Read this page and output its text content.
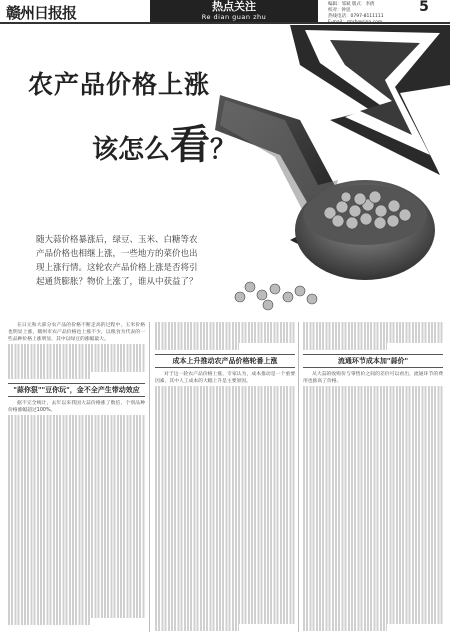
赣州日报报	热点关注
Re dian guan zhu
编辑：邹斌 版式：李倩
校对：钟思
热线电话：0797-8111111
5
农产品价格上涨
该怎么看？
随大蒜价格暴涨后，绿豆、玉米、白糖等农产品价格也相继上涨，一些地方的菜价也出现上涨行情。这轮农产品价格上涨是否将引起通货膨胀？物价上涨了，谁从中获益了？

在日元和大部分农产品的价格不断走高的过程中，玉米价格也明显上涨，赣州市农产品价格也上涨不少，以粮食为代表的一些品种价格上涨明显，其中以绿豆的涨幅最大。

"蒜你狠""豆你玩"，金不全产生带动效应

据不完全统计，去年以来我国大蒜价格涨了数倍，个别品种价格涨幅超过100%。

成本上升推动农产品价格轮番上涨

对于这一轮农产品价格上涨，专家认为，成本推动是一个重要因素，其中人工成本的大幅上升是主要原因。

流通环节成本加"蒜价"

从大蒜的收购价与零售价之间的差价可以看出，流通环节的费用也推高了价格。
